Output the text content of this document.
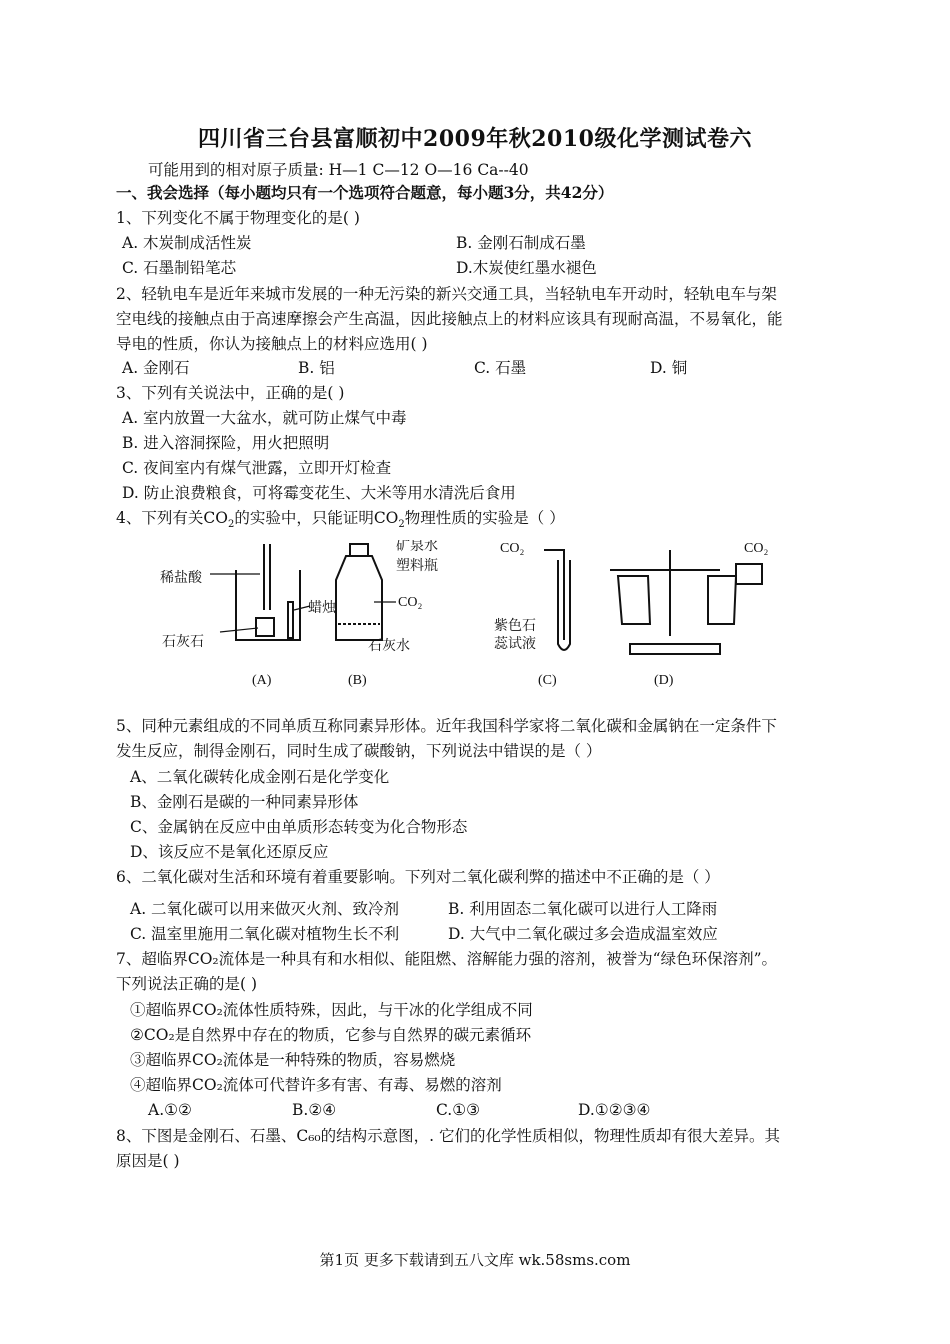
四川省三台县富顺初中2009年秋2010级化学测试卷六
可能用到的相对原子质量: H—1 C—12 O—16 Ca--40
一、我会选择（每小题均只有一个选项符合题意，每小题3分，共42分）
1、下列变化不属于物理变化的是( )
A. 木炭制成活性炭	B. 金刚石制成石墨
C. 石墨制铅笔芯	D.木炭使红墨水褪色
2、轻轨电车是近年来城市发展的一种无污染的新兴交通工具，当轻轨电车开动时，轻轨电车与架
空电线的接触点由于高速摩擦会产生高温，因此接触点上的材料应该具有现耐高温，不易氧化，能
导电的性质，你认为接触点上的材料应选用( )
A. 金刚石	B. 铝	C. 石墨	D. 铜
3、下列有关说法中，正确的是( )
A. 室内放置一大盆水，就可防止煤气中毒
B. 进入溶洞探险，用火把照明
C. 夜间室内有煤气泄露，立即开灯检查
D. 防止浪费粮食，可将霉变花生、大米等用水清洗后食用
4、下列有关$CO_2$的实验中，只能证明$CO_2$物理性质的实验是（ ）
稀盐酸
蜡烛
石灰石
(A)
矿泉水
塑料瓶
CO₂
石灰水
(B)
CO₂
紫色石
蕊试液
(C)
CO₂
(D)
5、同种元素组成的不同单质互称同素异形体。近年我国科学家将二氧化碳和金属钠在一定条件下
发生反应，制得金刚石，同时生成了碳酸钠，下列说法中错误的是（ ）
A、二氧化碳转化成金刚石是化学变化
B、金刚石是碳的一种同素异形体
C、金属钠在反应中由单质形态转变为化合物形态
D、该反应不是氧化还原反应
6、二氧化碳对生活和环境有着重要影响。下列对二氧化碳利弊的描述中不正确的是（ ）
A. 二氧化碳可以用来做灭火剂、致冷剂	B. 利用固态二氧化碳可以进行人工降雨
C. 温室里施用二氧化碳对植物生长不利	D. 大气中二氧化碳过多会造成温室效应
7、超临界CO₂流体是一种具有和水相似、能阻燃、溶解能力强的溶剂，被誉为“绿色环保溶剂”。
下列说法正确的是( )
①超临界CO₂流体性质特殊，因此，与干冰的化学组成不同
②CO₂是自然界中存在的物质，它参与自然界的碳元素循环
③超临界CO₂流体是一种特殊的物质，容易燃烧
④超临界CO₂流体可代替许多有害、有毒、易燃的溶剂
A.①②	B.②④	C.①③	D.①②③④
8、下图是金刚石、石墨、C₆₀的结构示意图，. 它们的化学性质相似，物理性质却有很大差异。其
原因是( )
第1页 更多下载请到五八文库 wk.58sms.com
